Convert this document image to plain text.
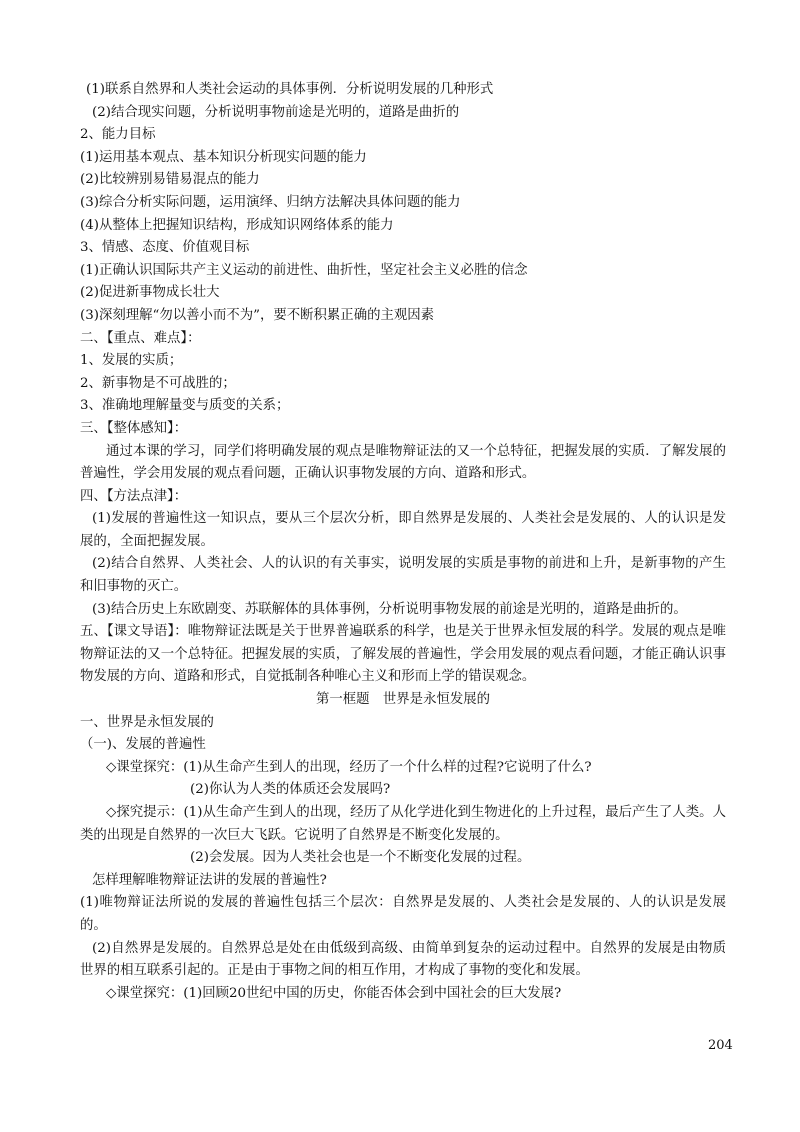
(1)联系自然界和人类社会运动的具体事例．分析说明发展的几种形式
(2)结合现实问题，分析说明事物前途是光明的，道路是曲折的
2、能力目标
(1)运用基本观点、基本知识分析现实问题的能力
(2)比较辨别易错易混点的能力
(3)综合分析实际问题，运用演绎、归纳方法解决具体问题的能力
(4)从整体上把握知识结构，形成知识网络体系的能力
3、情感、态度、价值观目标
(1)正确认识国际共产主义运动的前进性、曲折性，坚定社会主义必胜的信念
(2)促进新事物成长壮大
(3)深刻理解“勿以善小而不为”，要不断积累正确的主观因素
二、【重点、难点】：
1、发展的实质；
2、新事物是不可战胜的；
3、准确地理解量变与质变的关系；
三、【整体感知】：
通过本课的学习，同学们将明确发展的观点是唯物辩证法的又一个总特征，把握发展的实质．了解发展的普遍性，学会用发展的观点看问题，正确认识事物发展的方向、道路和形式。
四、【方法点津】：
(1)发展的普遍性这一知识点，要从三个层次分析，即自然界是发展的、人类社会是发展的、人的认识是发展的，全面把握发展。
(2)结合自然界、人类社会、人的认识的有关事实，说明发展的实质是事物的前进和上升，是新事物的产生和旧事物的灭亡。
(3)结合历史上东欧剧变、苏联解体的具体事例，分析说明事物发展的前途是光明的，道路是曲折的。
五、【课文导语】：唯物辩证法既是关于世界普遍联系的科学，也是关于世界永恒发展的科学。发展的观点是唯物辩证法的又一个总特征。把握发展的实质，了解发展的普遍性，学会用发展的观点看问题，才能正确认识事物发展的方向、道路和形式，自觉抵制各种唯心主义和形而上学的错误观念。
第一框题　世界是永恒发展的
一、世界是永恒发展的
（一)、发展的普遍性
◇课堂探究：(1)从生命产生到人的出现，经历了一个什么样的过程?它说明了什么?
(2)你认为人类的体质还会发展吗?
◇探究提示：(1)从生命产生到人的出现，经历了从化学进化到生物进化的上升过程，最后产生了人类。人类的出现是自然界的一次巨大飞跃。它说明了自然界是不断变化发展的。
(2)会发展。因为人类社会也是一个不断变化发展的过程。
怎样理解唯物辩证法讲的发展的普遍性?
(1)唯物辩证法所说的发展的普遍性包括三个层次：自然界是发展的、人类社会是发展的、人的认识是发展的。
(2)自然界是发展的。自然界总是处在由低级到高级、由简单到复杂的运动过程中。自然界的发展是由物质世界的相互联系引起的。正是由于事物之间的相互作用，才构成了事物的变化和发展。
◇课堂探究：(1)回顾20世纪中国的历史，你能否体会到中国社会的巨大发展?
204
